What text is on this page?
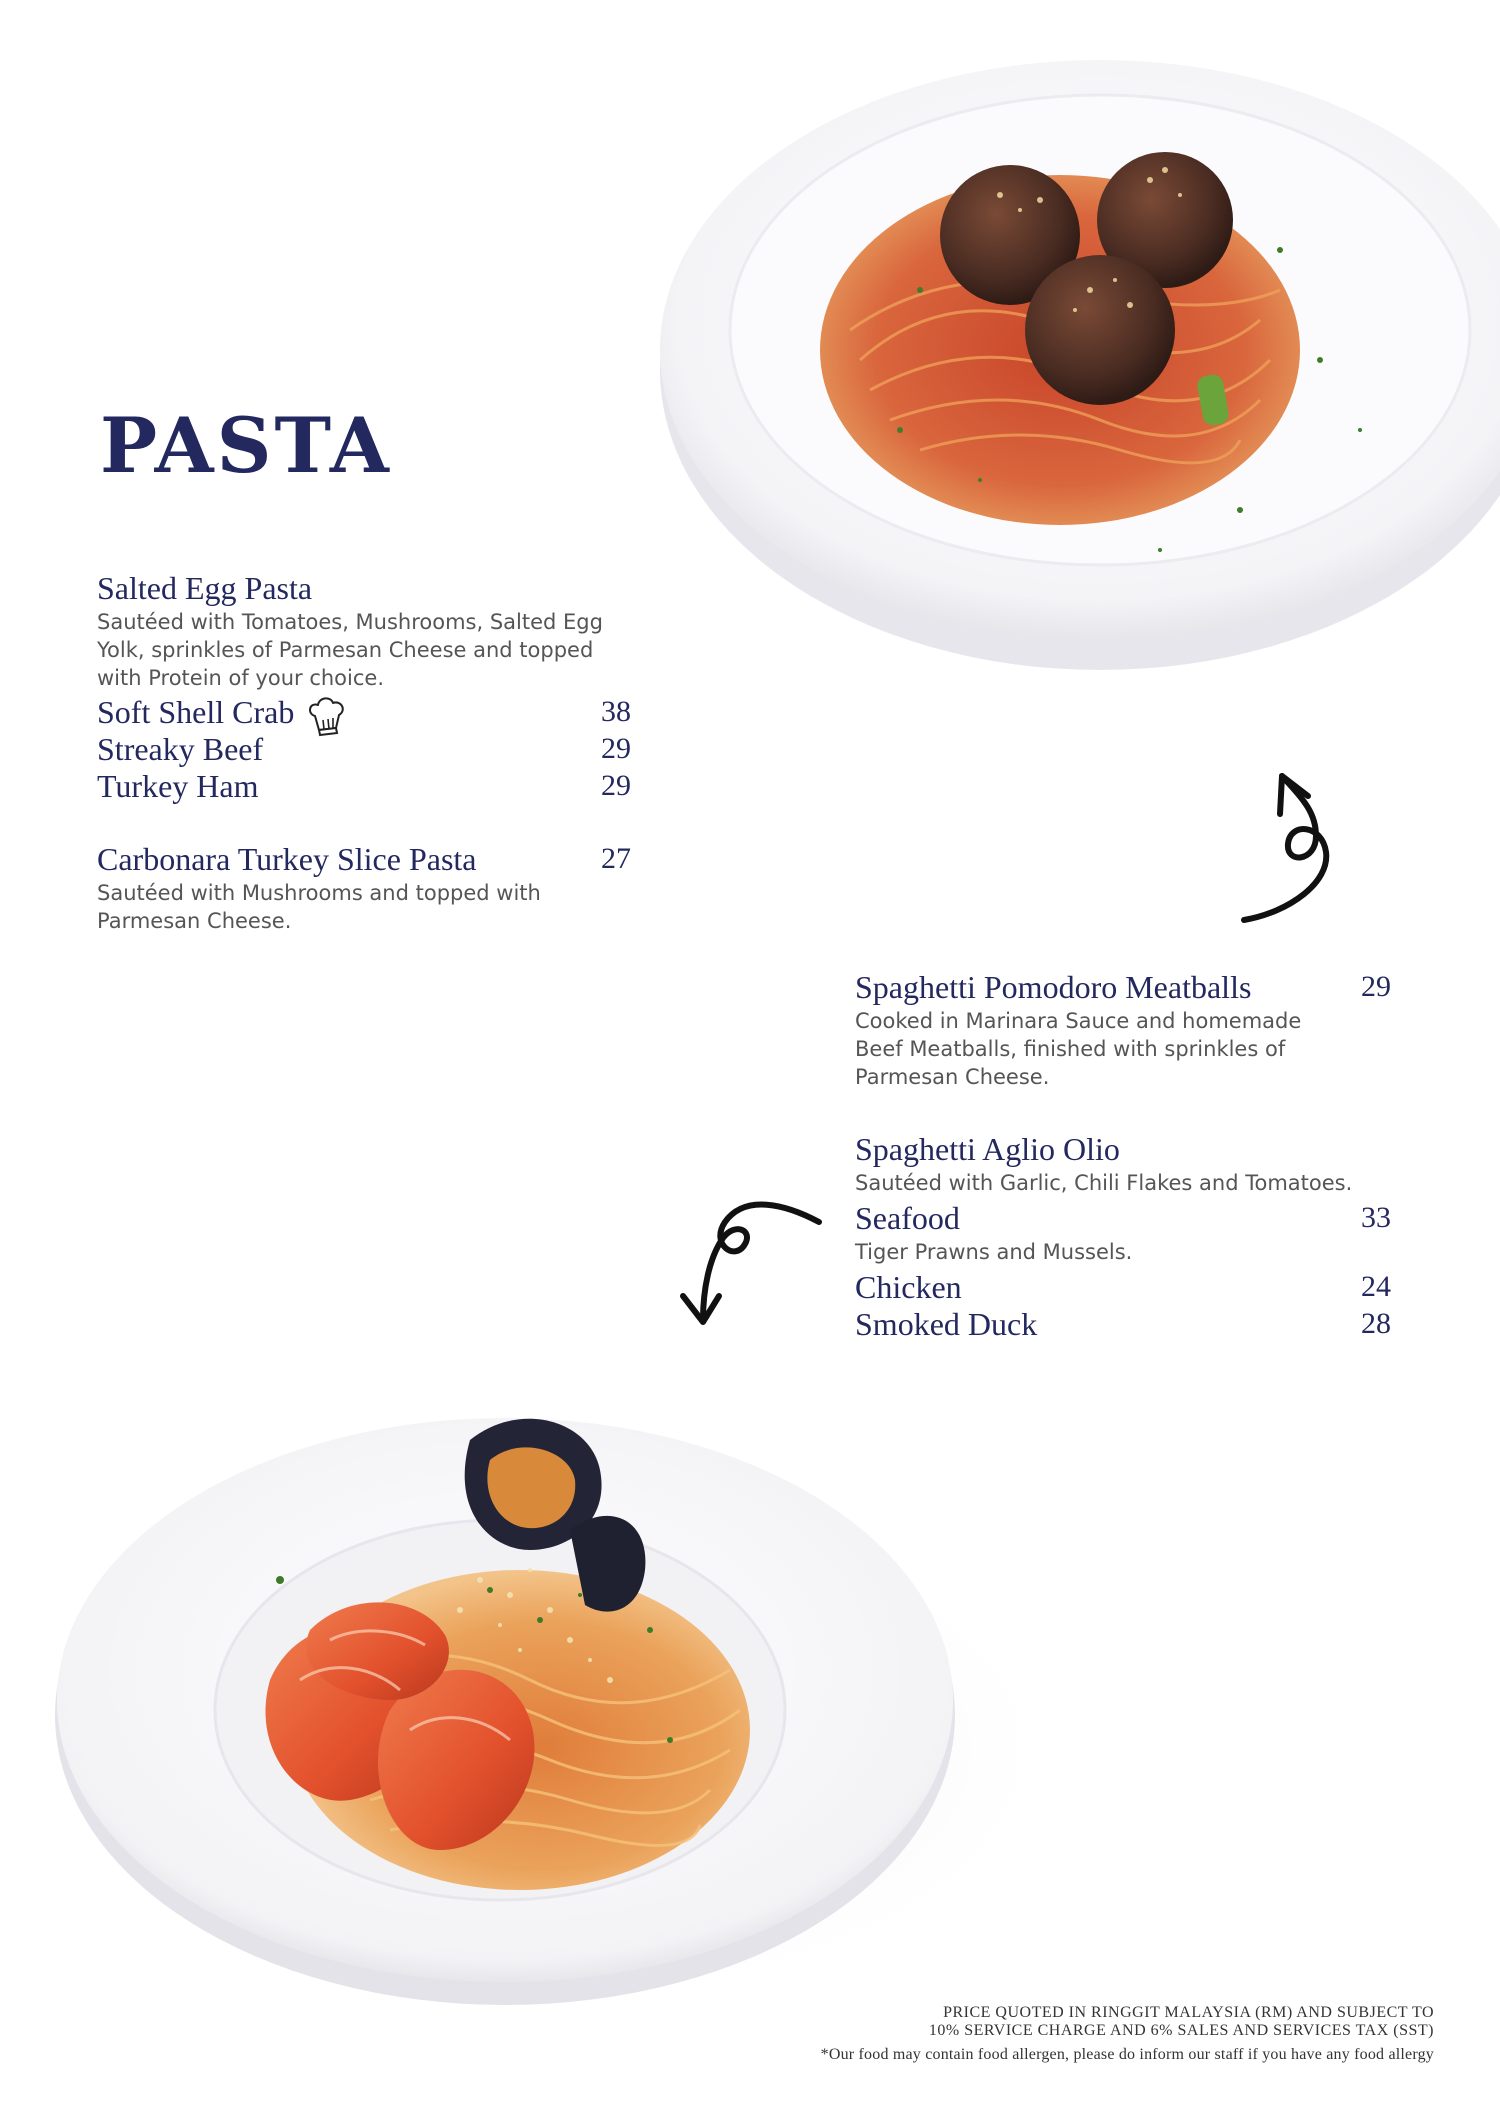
PASTA
Salted Egg Pasta
Sautéed with Tomatoes, Mushrooms, Salted Egg Yolk, sprinkles of Parmesan Cheese and topped with Protein of your choice.
Soft Shell Crab	38
Streaky Beef	29
Turkey Ham	29
Carbonara Turkey Slice Pasta	27
Sautéed with Mushrooms and topped with Parmesan Cheese.
Spaghetti Pomodoro Meatballs	29
Cooked in Marinara Sauce and homemade Beef Meatballs, finished with sprinkles of Parmesan Cheese.
Spaghetti Aglio Olio
Sautéed with Garlic, Chili Flakes and Tomatoes.
Seafood	33
Tiger Prawns and Mussels.
Chicken	24
Smoked Duck	28
PRICE QUOTED IN RINGGIT MALAYSIA (RM) AND SUBJECT TO
10% SERVICE CHARGE AND 6% SALES AND SERVICES TAX (SST)
*Our food may contain food allergen, please do inform our staff if you have any food allergy
